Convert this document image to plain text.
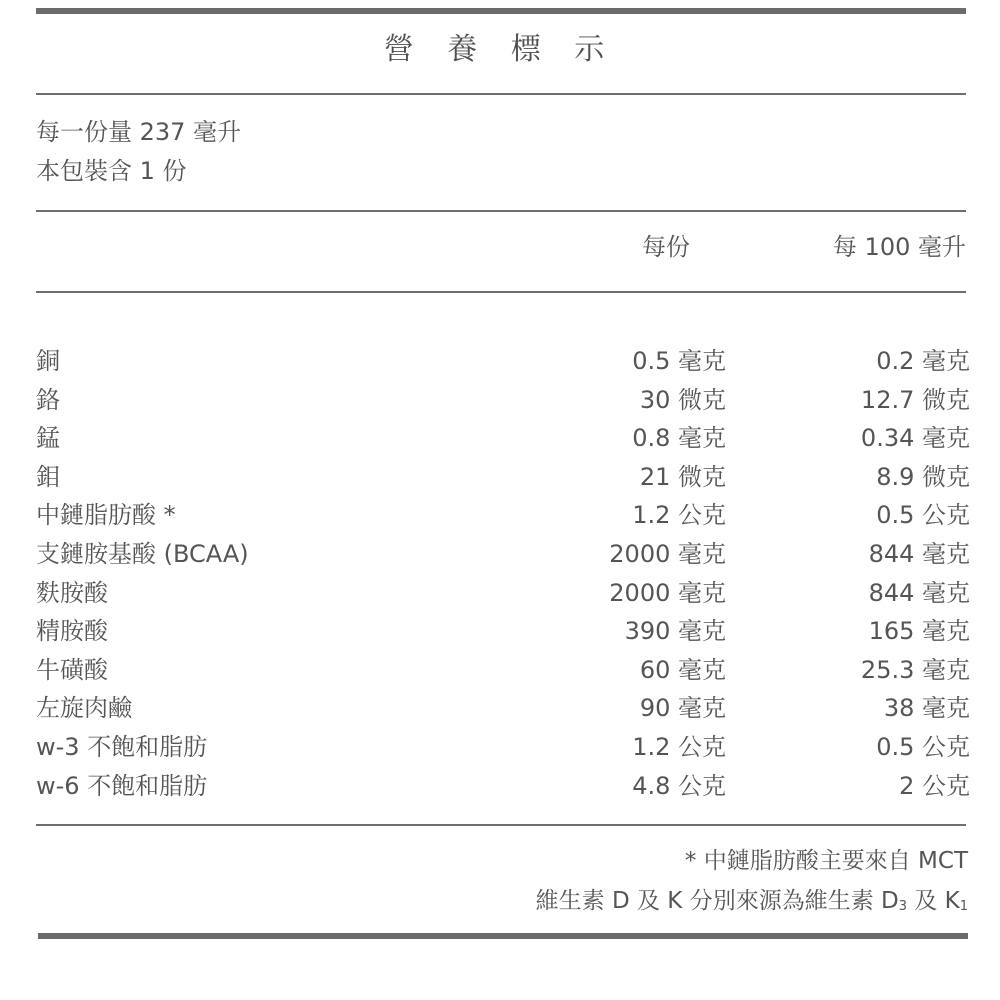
營 養 標 示
每一份量 237 毫升
本包裝含 1 份
每份	每 100 毫升
銅	0.5 毫克	0.2 毫克
鉻	30 微克	12.7 微克
錳	0.8 毫克	0.34 毫克
鉬	21 微克	8.9 微克
中鏈脂肪酸 *	1.2 公克	0.5 公克
支鏈胺基酸 (BCAA)	2000 毫克	844 毫克
麩胺酸	2000 毫克	844 毫克
精胺酸	390 毫克	165 毫克
牛磺酸	60 毫克	25.3 毫克
左旋肉鹼	90 毫克	38 毫克
w-3 不飽和脂肪	1.2 公克	0.5 公克
w-6 不飽和脂肪	4.8 公克	2 公克
* 中鏈脂肪酸主要來自 MCT
維生素 D 及 K 分別來源為維生素 D3 及 K1
